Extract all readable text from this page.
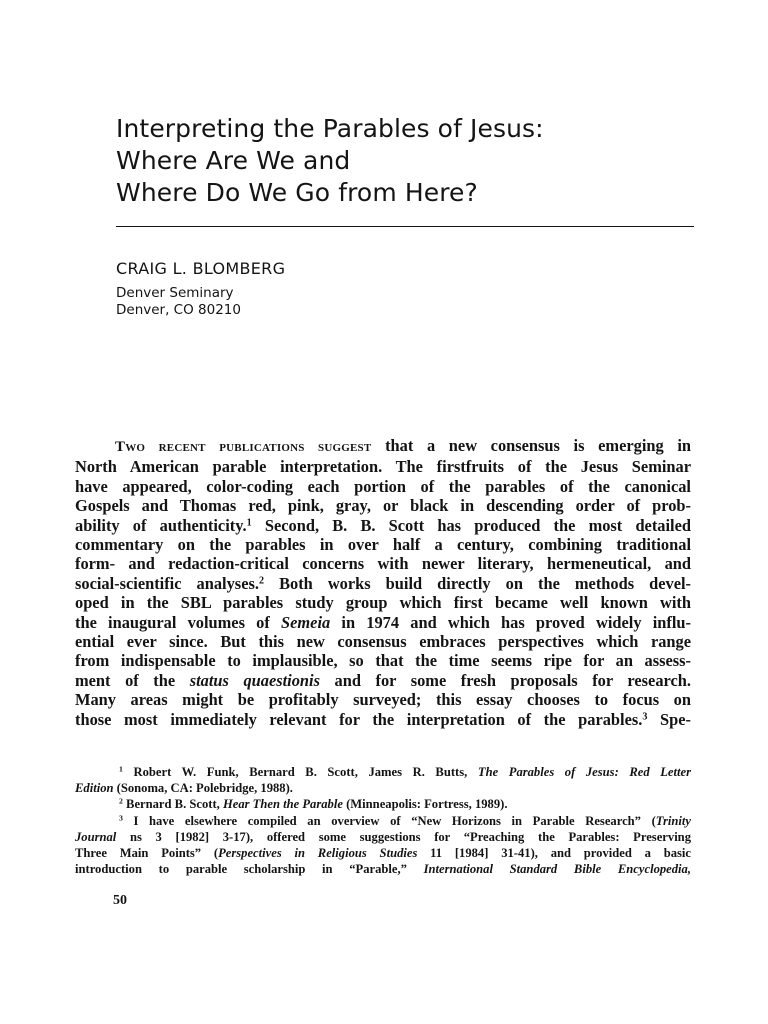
Interpreting the Parables of Jesus:
Where Are We and
Where Do We Go from Here?
CRAIG L. BLOMBERG
Denver Seminary
Denver, CO 80210
Two recent publications suggest that a new consensus is emerging in
North American parable interpretation. The firstfruits of the Jesus Seminar
have appeared, color-coding each portion of the parables of the canonical
Gospels and Thomas red, pink, gray, or black in descending order of prob-
ability of authenticity.$^1$ Second, B. B. Scott has produced the most detailed
commentary on the parables in over half a century, combining traditional
form- and redaction-critical concerns with newer literary, hermeneutical, and
social-scientific analyses.$^2$ Both works build directly on the methods devel-
oped in the SBL parables study group which first became well known with
the inaugural volumes of Semeia in 1974 and which has proved widely influ-
ential ever since. But this new consensus embraces perspectives which range
from indispensable to implausible, so that the time seems ripe for an assess-
ment of the status quaestionis and for some fresh proposals for research.
Many areas might be profitably surveyed; this essay chooses to focus on
those most immediately relevant for the interpretation of the parables.$^3$ Spe-
$^1$ Robert W. Funk, Bernard B. Scott, James R. Butts, The Parables of Jesus: Red Letter
Edition (Sonoma, CA: Polebridge, 1988).
$^2$ Bernard B. Scott, Hear Then the Parable (Minneapolis: Fortress, 1989).
$^3$ I have elsewhere compiled an overview of “New Horizons in Parable Research” (Trinity
Journal ns 3 [1982] 3-17), offered some suggestions for “Preaching the Parables: Preserving
Three Main Points” (Perspectives in Religious Studies 11 [1984] 31-41), and provided a basic
introduction to parable scholarship in “Parable,” International Standard Bible Encyclopedia,
50
